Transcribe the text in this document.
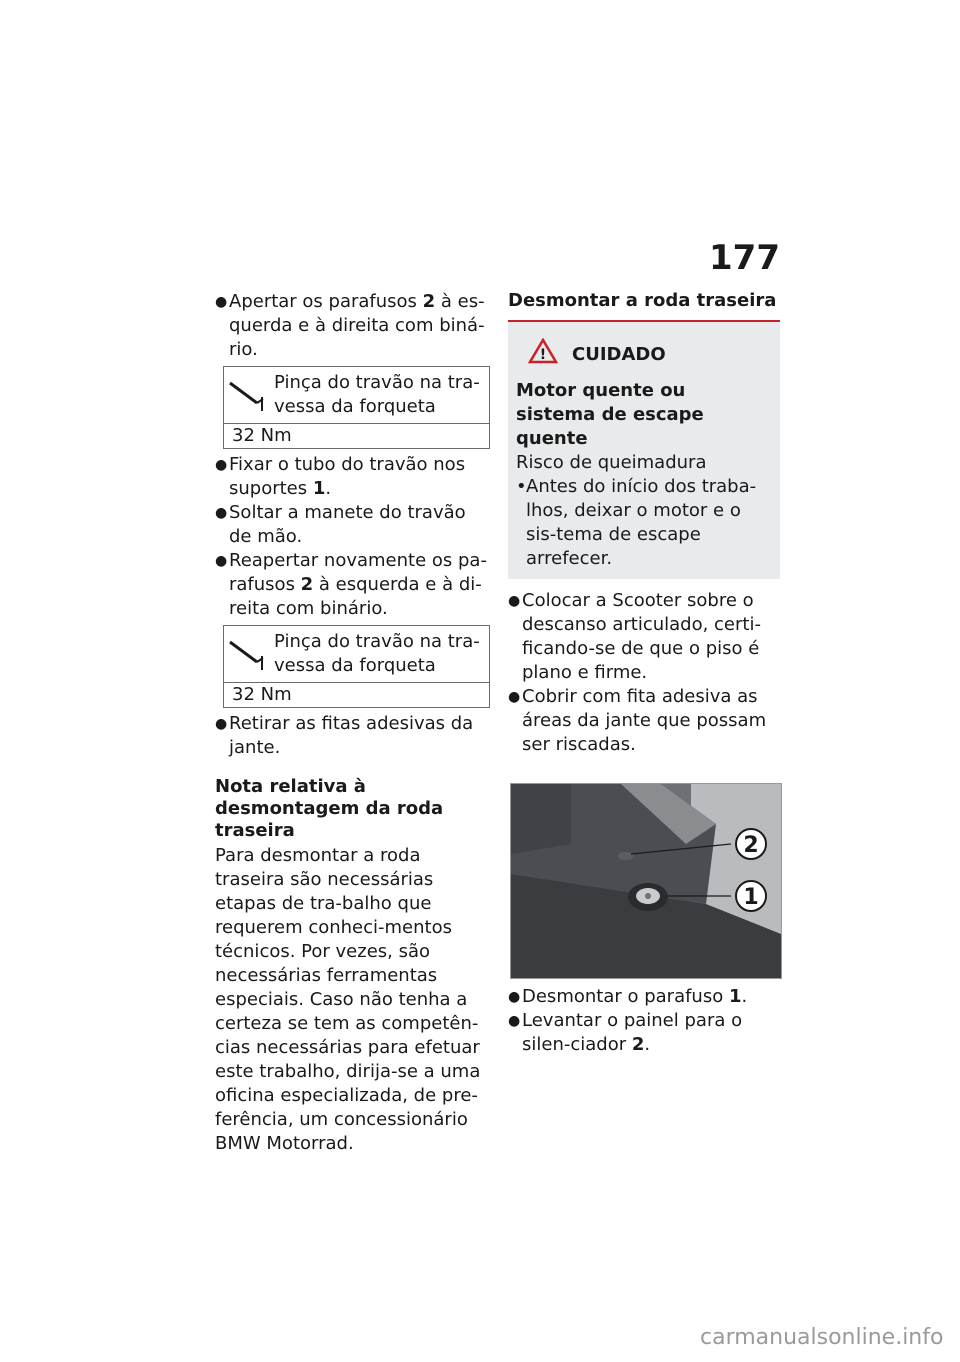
177
● Apertar os parafusos 2 à es-querda e à direita com biná-rio.
Pinça do travão na tra-vessa da forqueta
32 Nm
● Fixar o tubo do travão nos suportes 1.
● Soltar a manete do travão de mão.
● Reapertar novamente os pa-rafusos 2 à esquerda e à di-reita com binário.
Pinça do travão na tra-vessa da forqueta
32 Nm
● Retirar as fitas adesivas da jante.
Nota relativa à desmontagem da roda traseira

Para desmontar a roda traseira são necessárias etapas de tra-balho que requerem conheci-mentos técnicos. Por vezes, são necessárias ferramentas especiais. Caso não tenha a certeza se tem as competên-cias necessárias para efetuar este trabalho, dirija-se a uma oficina especializada, de pre-ferência, um concessionário BMW Motorrad.

Desmontar a roda traseira
! CUIDADO
Motor quente ou sistema de escape quente
Risco de queimadura
• Antes do início dos traba-lhos, deixar o motor e o sis-tema de escape arrefecer.
● Colocar a Scooter sobre o descanso articulado, certi-ficando-se de que o piso é plano e firme.
● Cobrir com fita adesiva as áreas da jante que possam ser riscadas.
2
1
● Desmontar o parafuso 1.
● Levantar o painel para o silen-ciador 2.
carmanualsonline.info
